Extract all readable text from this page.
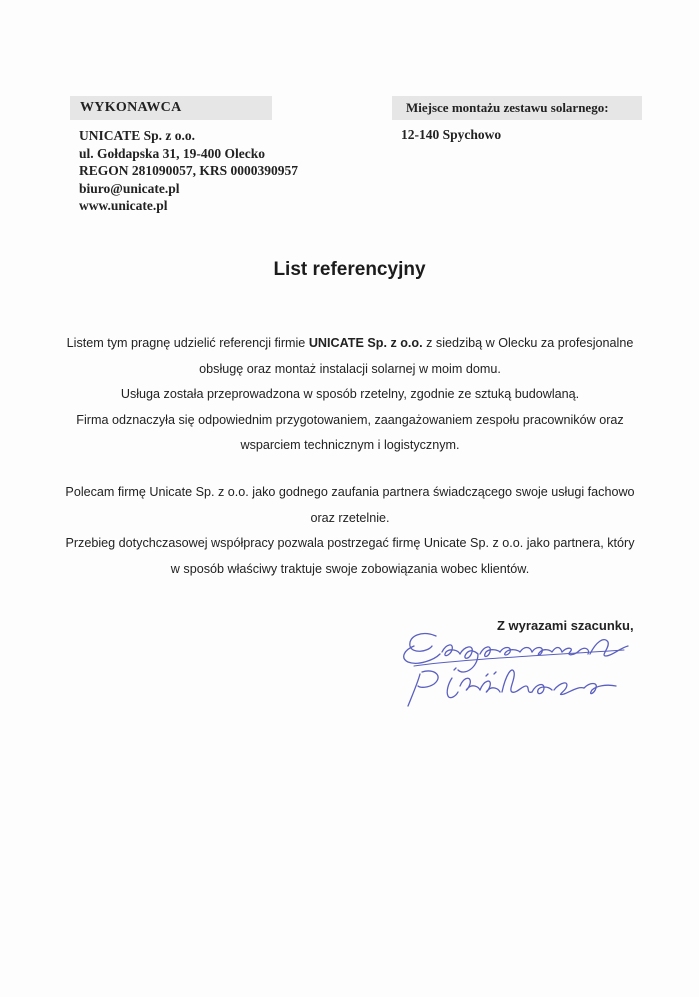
WYKONAWCA	Miejsce montażu zestawu solarnego:
UNICATE Sp. z o.o.
ul. Gołdapska 31, 19-400 Olecko
REGON 281090057, KRS 0000390957
biuro@unicate.pl
www.unicate.pl
12-140 Spychowo
List referencyjny
Listem tym pragnę udzielić referencji firmie UNICATE Sp. z o.o. z siedzibą w Olecku za profesjonalne
obsługę oraz montaż instalacji solarnej w moim domu.
Usługa została przeprowadzona w sposób rzetelny, zgodnie ze sztuką budowlaną.
Firma odznaczyła się odpowiednim przygotowaniem, zaangażowaniem zespołu pracowników oraz
wsparciem technicznym i logistycznym.
Polecam firmę Unicate Sp. z o.o. jako godnego zaufania partnera świadczącego swoje usługi fachowo
oraz rzetelnie.
Przebieg dotychczasowej współpracy pozwala postrzegać firmę Unicate Sp. z o.o. jako partnera, który
w sposób właściwy traktuje swoje zobowiązania wobec klientów.
Z wyrazami szacunku,
